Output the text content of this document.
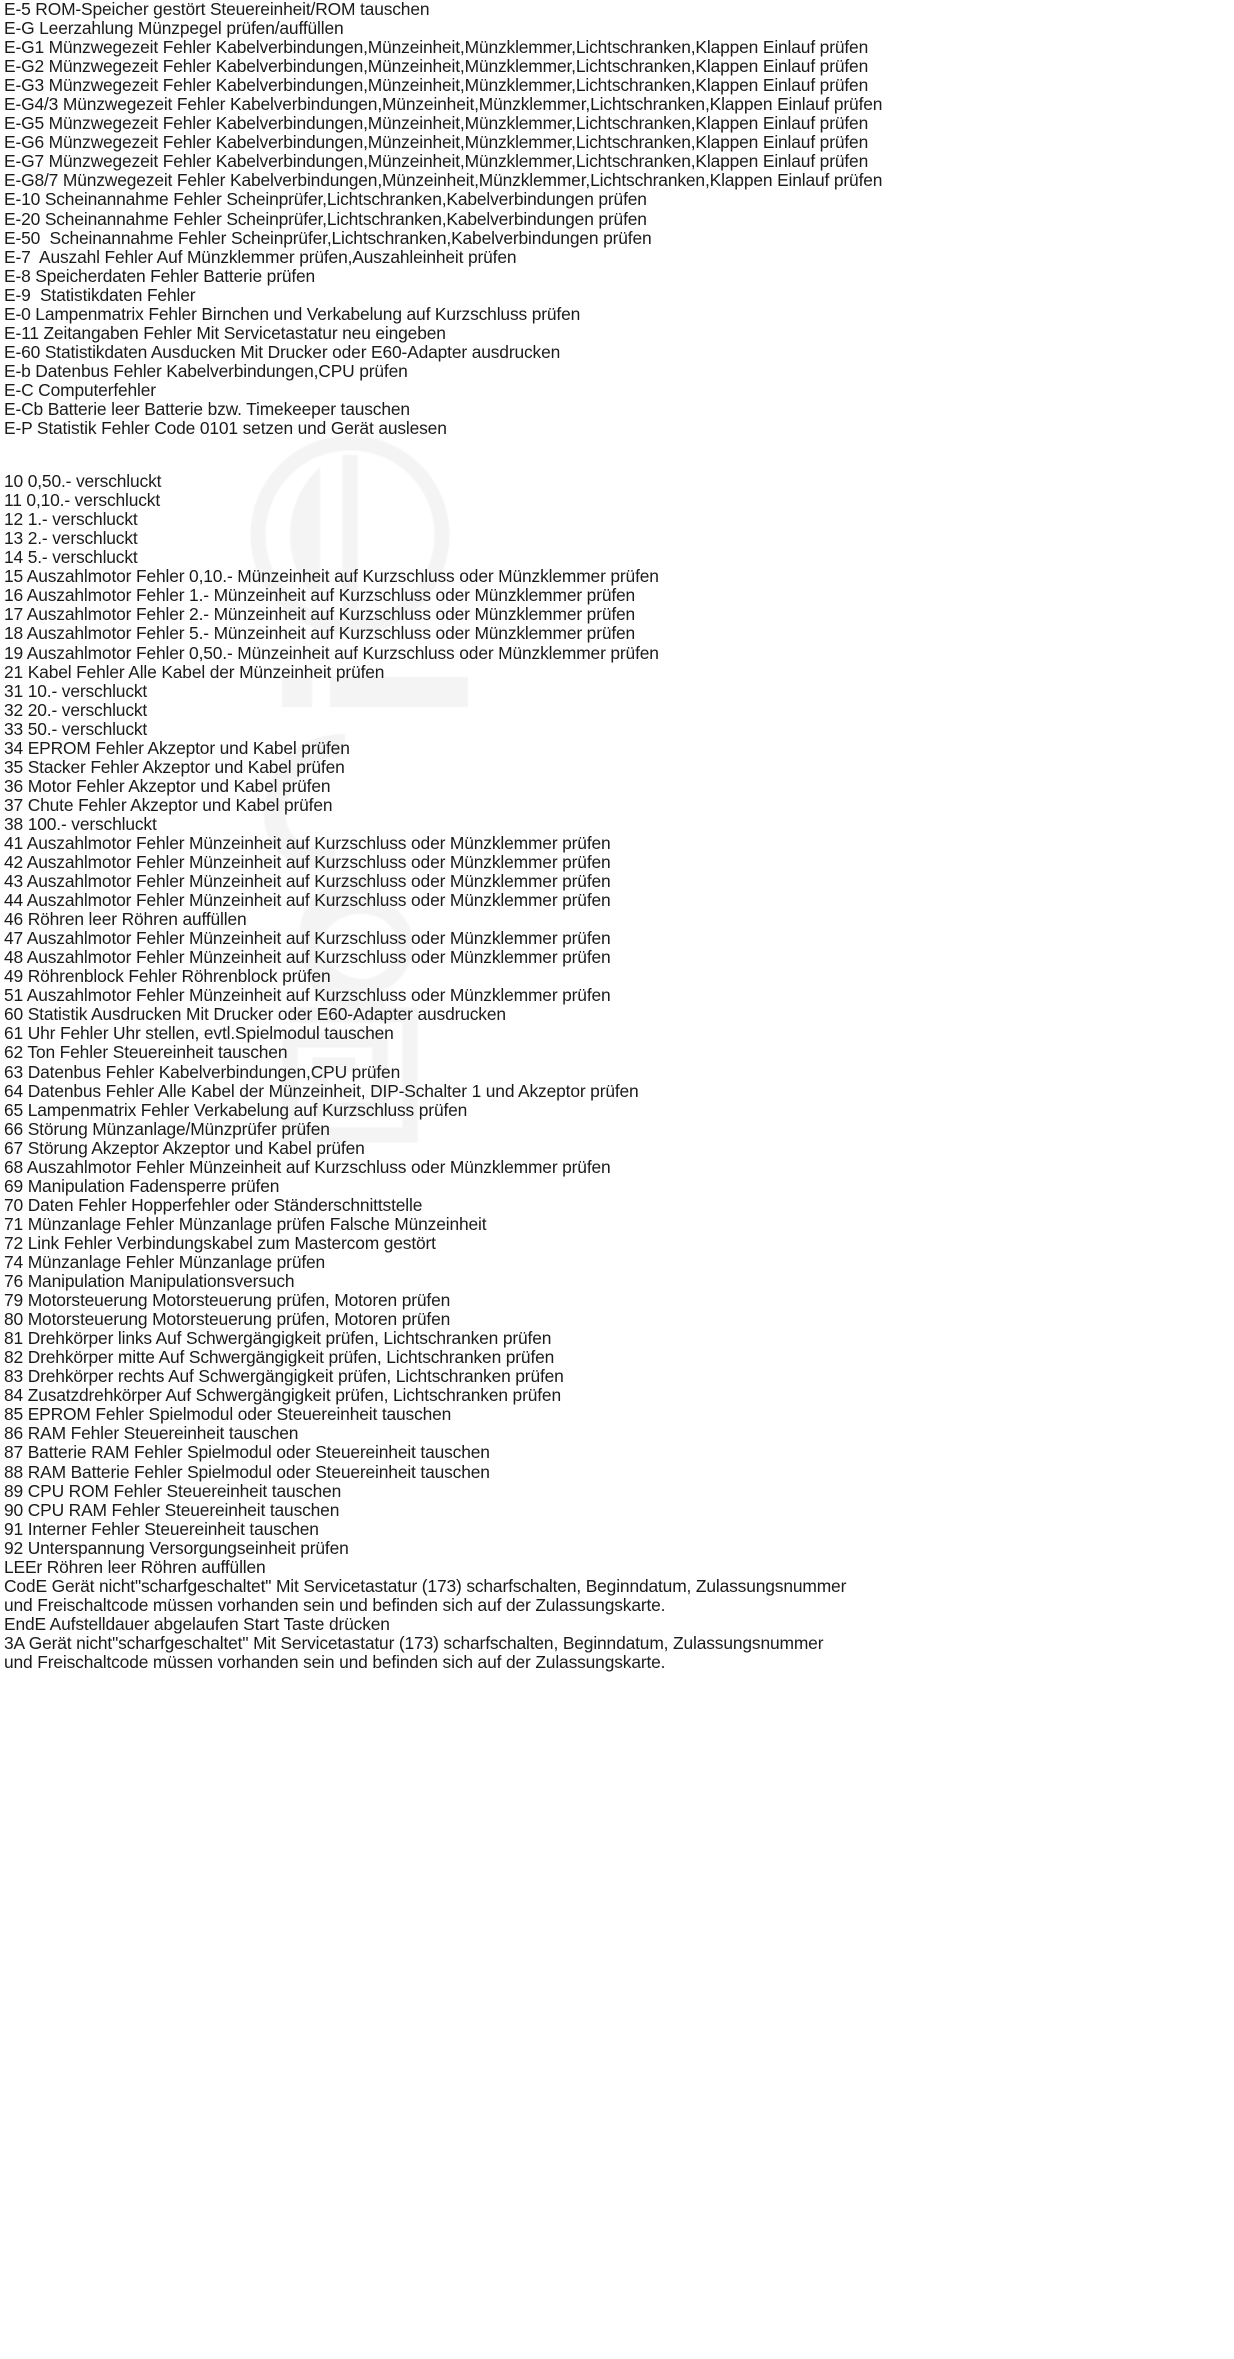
E-5 ROM-Speicher gestört Steuereinheit/ROM tauschen
E-G Leerzahlung Münzpegel prüfen/auffüllen
E-G1 Münzwegezeit Fehler Kabelverbindungen,Münzeinheit,Münzklemmer,Lichtschranken,Klappen Einlauf prüfen
E-G2 Münzwegezeit Fehler Kabelverbindungen,Münzeinheit,Münzklemmer,Lichtschranken,Klappen Einlauf prüfen
E-G3 Münzwegezeit Fehler Kabelverbindungen,Münzeinheit,Münzklemmer,Lichtschranken,Klappen Einlauf prüfen
E-G4/3 Münzwegezeit Fehler Kabelverbindungen,Münzeinheit,Münzklemmer,Lichtschranken,Klappen Einlauf prüfen
E-G5 Münzwegezeit Fehler Kabelverbindungen,Münzeinheit,Münzklemmer,Lichtschranken,Klappen Einlauf prüfen
E-G6 Münzwegezeit Fehler Kabelverbindungen,Münzeinheit,Münzklemmer,Lichtschranken,Klappen Einlauf prüfen
E-G7 Münzwegezeit Fehler Kabelverbindungen,Münzeinheit,Münzklemmer,Lichtschranken,Klappen Einlauf prüfen
E-G8/7 Münzwegezeit Fehler Kabelverbindungen,Münzeinheit,Münzklemmer,Lichtschranken,Klappen Einlauf prüfen
E-10 Scheinannahme Fehler Scheinprüfer,Lichtschranken,Kabelverbindungen prüfen
E-20 Scheinannahme Fehler Scheinprüfer,Lichtschranken,Kabelverbindungen prüfen
E-50  Scheinannahme Fehler Scheinprüfer,Lichtschranken,Kabelverbindungen prüfen
E-7  Auszahl Fehler Auf Münzklemmer prüfen,Auszahleinheit prüfen
E-8 Speicherdaten Fehler Batterie prüfen
E-9  Statistikdaten Fehler
E-0 Lampenmatrix Fehler Birnchen und Verkabelung auf Kurzschluss prüfen
E-11 Zeitangaben Fehler Mit Servicetastatur neu eingeben
E-60 Statistikdaten Ausducken Mit Drucker oder E60-Adapter ausdrucken
E-b Datenbus Fehler Kabelverbindungen,CPU prüfen
E-C Computerfehler
E-Cb Batterie leer Batterie bzw. Timekeeper tauschen
E-P Statistik Fehler Code 0101 setzen und Gerät auslesen
10 0,50.- verschluckt
11 0,10.- verschluckt
12 1.- verschluckt
13 2.- verschluckt
14 5.- verschluckt
15 Auszahlmotor Fehler 0,10.- Münzeinheit auf Kurzschluss oder Münzklemmer prüfen
16 Auszahlmotor Fehler 1.- Münzeinheit auf Kurzschluss oder Münzklemmer prüfen
17 Auszahlmotor Fehler 2.- Münzeinheit auf Kurzschluss oder Münzklemmer prüfen
18 Auszahlmotor Fehler 5.- Münzeinheit auf Kurzschluss oder Münzklemmer prüfen
19 Auszahlmotor Fehler 0,50.- Münzeinheit auf Kurzschluss oder Münzklemmer prüfen
21 Kabel Fehler Alle Kabel der Münzeinheit prüfen
31 10.- verschluckt
32 20.- verschluckt
33 50.- verschluckt
34 EPROM Fehler Akzeptor und Kabel prüfen
35 Stacker Fehler Akzeptor und Kabel prüfen
36 Motor Fehler Akzeptor und Kabel prüfen
37 Chute Fehler Akzeptor und Kabel prüfen
38 100.- verschluckt
41 Auszahlmotor Fehler Münzeinheit auf Kurzschluss oder Münzklemmer prüfen
42 Auszahlmotor Fehler Münzeinheit auf Kurzschluss oder Münzklemmer prüfen
43 Auszahlmotor Fehler Münzeinheit auf Kurzschluss oder Münzklemmer prüfen
44 Auszahlmotor Fehler Münzeinheit auf Kurzschluss oder Münzklemmer prüfen
46 Röhren leer Röhren auffüllen
47 Auszahlmotor Fehler Münzeinheit auf Kurzschluss oder Münzklemmer prüfen
48 Auszahlmotor Fehler Münzeinheit auf Kurzschluss oder Münzklemmer prüfen
49 Röhrenblock Fehler Röhrenblock prüfen
51 Auszahlmotor Fehler Münzeinheit auf Kurzschluss oder Münzklemmer prüfen
60 Statistik Ausdrucken Mit Drucker oder E60-Adapter ausdrucken
61 Uhr Fehler Uhr stellen, evtl.Spielmodul tauschen
62 Ton Fehler Steuereinheit tauschen
63 Datenbus Fehler Kabelverbindungen,CPU prüfen
64 Datenbus Fehler Alle Kabel der Münzeinheit, DIP-Schalter 1 und Akzeptor prüfen
65 Lampenmatrix Fehler Verkabelung auf Kurzschluss prüfen
66 Störung Münzanlage/Münzprüfer prüfen
67 Störung Akzeptor Akzeptor und Kabel prüfen
68 Auszahlmotor Fehler Münzeinheit auf Kurzschluss oder Münzklemmer prüfen
69 Manipulation Fadensperre prüfen
70 Daten Fehler Hopperfehler oder Ständerschnittstelle
71 Münzanlage Fehler Münzanlage prüfen Falsche Münzeinheit
72 Link Fehler Verbindungskabel zum Mastercom gestört
74 Münzanlage Fehler Münzanlage prüfen
76 Manipulation Manipulationsversuch
79 Motorsteuerung Motorsteuerung prüfen, Motoren prüfen
80 Motorsteuerung Motorsteuerung prüfen, Motoren prüfen
81 Drehkörper links Auf Schwergängigkeit prüfen, Lichtschranken prüfen
82 Drehkörper mitte Auf Schwergängigkeit prüfen, Lichtschranken prüfen
83 Drehkörper rechts Auf Schwergängigkeit prüfen, Lichtschranken prüfen
84 Zusatzdrehkörper Auf Schwergängigkeit prüfen, Lichtschranken prüfen
85 EPROM Fehler Spielmodul oder Steuereinheit tauschen
86 RAM Fehler Steuereinheit tauschen
87 Batterie RAM Fehler Spielmodul oder Steuereinheit tauschen
88 RAM Batterie Fehler Spielmodul oder Steuereinheit tauschen
89 CPU ROM Fehler Steuereinheit tauschen
90 CPU RAM Fehler Steuereinheit tauschen
91 Interner Fehler Steuereinheit tauschen
92 Unterspannung Versorgungseinheit prüfen
LEEr Röhren leer Röhren auffüllen
CodE Gerät nicht"scharfgeschaltet" Mit Servicetastatur (173) scharfschalten, Beginndatum, Zulassungsnummer
und Freischaltcode müssen vorhanden sein und befinden sich auf der Zulassungskarte.
EndE Aufstelldauer abgelaufen Start Taste drücken
3A Gerät nicht"scharfgeschaltet" Mit Servicetastatur (173) scharfschalten, Beginndatum, Zulassungsnummer
und Freischaltcode müssen vorhanden sein und befinden sich auf der Zulassungskarte.
